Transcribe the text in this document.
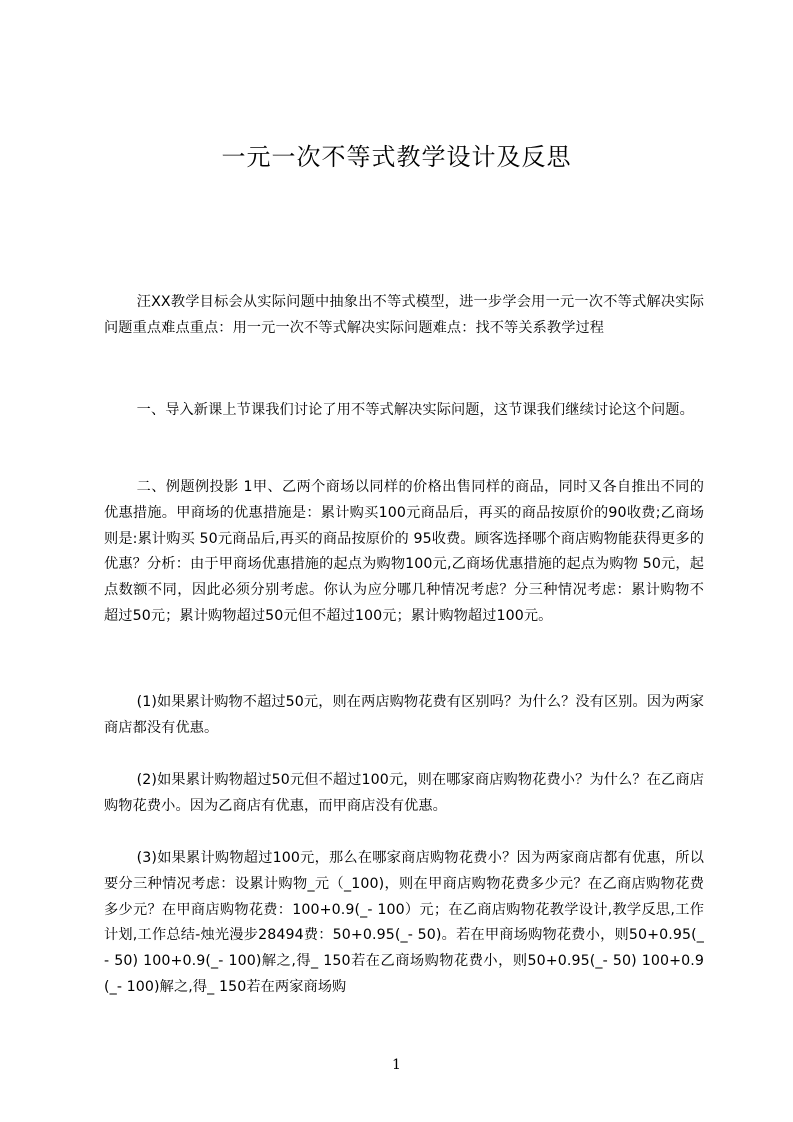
一元一次不等式教学设计及反思

汪XX教学目标会从实际问题中抽象出不等式模型，进一步学会用一元一次不等式解决实际问题重点难点重点：用一元一次不等式解决实际问题难点：找不等关系教学过程

一、导入新课上节课我们讨论了用不等式解决实际问题，这节课我们继续讨论这个问题。

二、例题例投影 1甲、乙两个商场以同样的价格出售同样的商品，同时又各自推出不同的优惠措施。甲商场的优惠措施是：累计购买100元商品后，再买的商品按原价的90收费;乙商场则是:累计购买 50元商品后,再买的商品按原价的 95收费。顾客选择哪个商店购物能获得更多的优惠？分析：由于甲商场优惠措施的起点为购物100元,乙商场优惠措施的起点为购物 50元，起点数额不同，因此必须分别考虑。你认为应分哪几种情况考虑？分三种情况考虑：累计购物不超过50元；累计购物超过50元但不超过100元；累计购物超过100元。

(1)如果累计购物不超过50元，则在两店购物花费有区别吗？为什么？没有区别。因为两家商店都没有优惠。

(2)如果累计购物超过50元但不超过100元，则在哪家商店购物花费小？为什么？在乙商店购物花费小。因为乙商店有优惠，而甲商店没有优惠。

(3)如果累计购物超过100元，那么在哪家商店购物花费小？因为两家商店都有优惠，所以要分三种情况考虑：设累计购物_元（_100)，则在甲商店购物花费多少元？在乙商店购物花费多少元？在甲商店购物花费：100+0.9(_- 100）元；在乙商店购物花教学设计,教学反思,工作计划,工作总结-烛光漫步28494费：50+0.95(_- 50)。若在甲商场购物花费小，则50+0.95(_- 50) 100+0.9(_- 100)解之,得_ 150若在乙商场购物花费小，则50+0.95(_- 50) 100+0.9(_- 100)解之,得_ 150若在两家商场购

1
